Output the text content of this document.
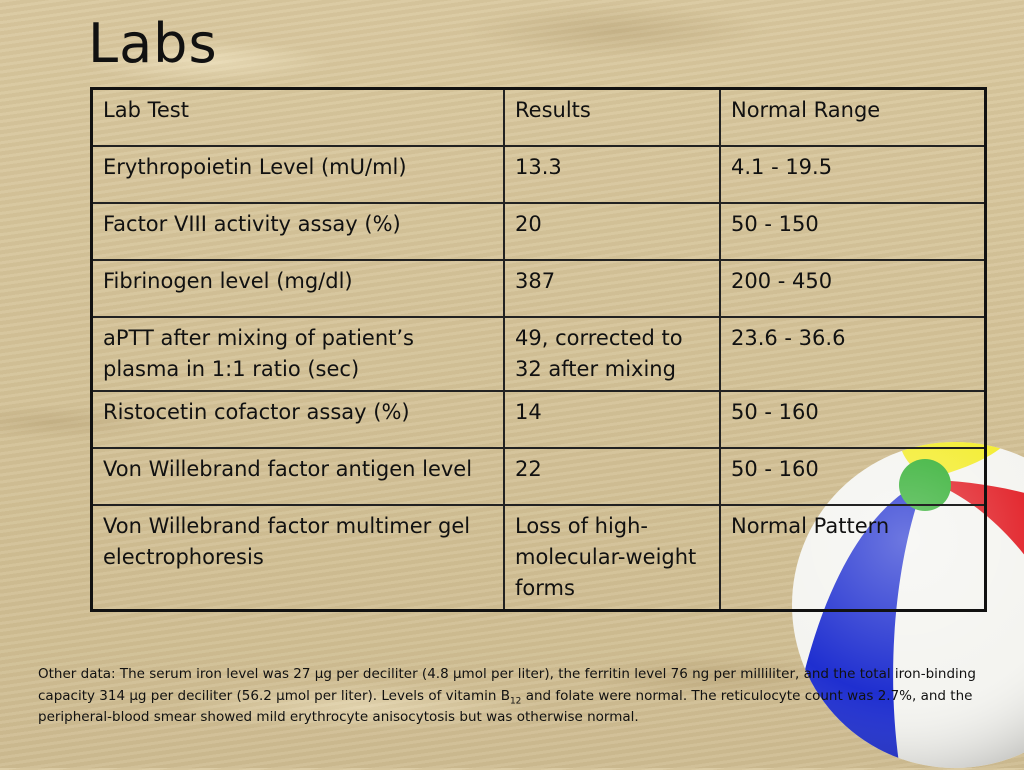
Labs
Lab Test	Results	Normal Range
Erythropoietin Level (mU/ml)	13.3	4.1 - 19.5
Factor VIII activity assay (%)	20	50 - 150
Fibrinogen level (mg/dl)	387	200 - 450
aPTT after mixing of patient’s plasma in 1:1 ratio (sec)	49, corrected to 32 after mixing	23.6 - 36.6
Ristocetin cofactor assay (%)	14	50 - 160
Von Willebrand factor antigen level	22	50 - 160
Von Willebrand factor multimer gel electrophoresis	Loss of high-molecular-weight forms	Normal Pattern

Other data: The serum iron level was 27 µg per deciliter (4.8 µmol per liter), the ferritin level 76 ng per milliliter, and the total iron-binding capacity 314 µg per deciliter (56.2 µmol per liter). Levels of vitamin $B_{12}$ and folate were normal. The reticulocyte count was 2.7%, and the peripheral-blood smear showed mild erythrocyte anisocytosis but was otherwise normal.
